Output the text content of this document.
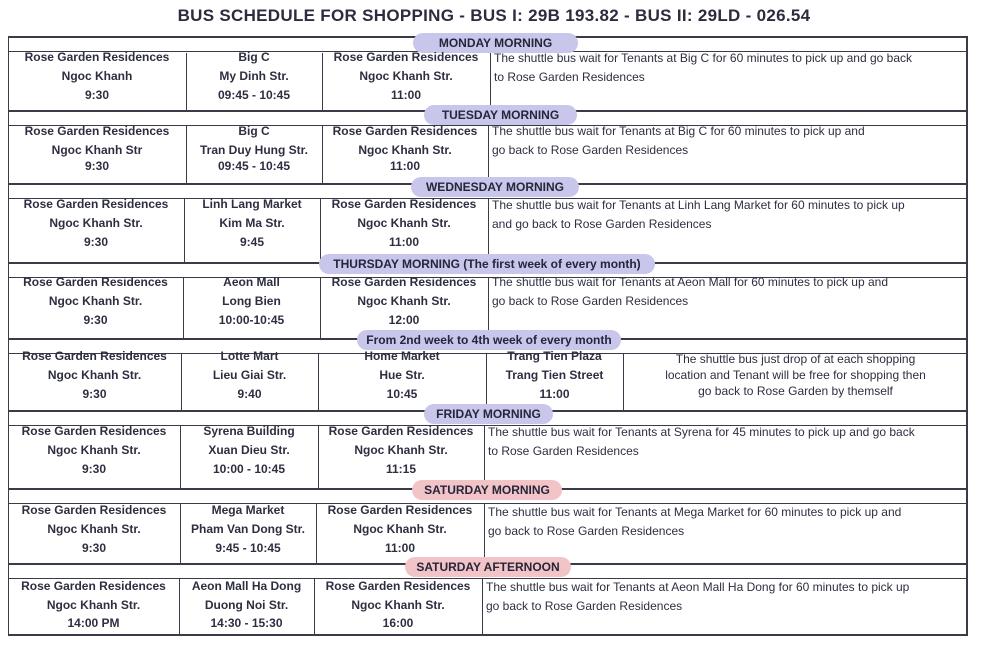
BUS SCHEDULE FOR SHOPPING - BUS I: 29B 193.82 - BUS II: 29LD - 026.54
MONDAY MORNING
Rose Garden Residences
Ngoc Khanh
9:30
Big C
My Dinh Str.
09:45 - 10:45
Rose Garden Residences
Ngoc Khanh Str.
11:00
The shuttle bus wait for Tenants at Big C for 60 minutes to pick up and go back
to Rose Garden Residences
TUESDAY MORNING
Rose Garden Residences
Ngoc Khanh Str
9:30
Big C
Tran Duy Hung Str.
09:45 - 10:45
Rose Garden Residences
Ngoc Khanh Str.
11:00
The shuttle bus wait for Tenants at Big C for 60 minutes to pick up and
go back to Rose Garden Residences
WEDNESDAY MORNING
Rose Garden Residences
Ngoc Khanh Str.
9:30
Linh Lang Market
Kim Ma Str.
9:45
Rose Garden Residences
Ngoc Khanh Str.
11:00
The shuttle bus wait for Tenants at Linh Lang Market for 60 minutes to pick up
and go back to Rose Garden Residences
THURSDAY MORNING (The first week of every month)
Rose Garden Residences
Ngoc Khanh Str.
9:30
Aeon Mall
Long Bien
10:00-10:45
Rose Garden Residences
Ngoc Khanh Str.
12:00
The shuttle bus wait for Tenants at Aeon Mall for 60 minutes to pick up and
go back to Rose Garden Residences
From 2nd week to 4th week of every month
Rose Garden Residences
Ngoc Khanh Str.
9:30
Lotte Mart
Lieu Giai Str.
9:40
Home Market
Hue Str.
10:45
Trang Tien Plaza
Trang Tien Street
11:00
The shuttle bus just drop of at each shopping
location and Tenant will be free for shopping then
go back to Rose Garden by themself
FRIDAY MORNING
Rose Garden Residences
Ngoc Khanh Str.
9:30
Syrena Building
Xuan Dieu Str.
10:00 - 10:45
Rose Garden Residences
Ngoc Khanh Str.
11:15
The shuttle bus wait for Tenants at Syrena for 45 minutes to pick up and go back
to Rose Garden Residences
SATURDAY MORNING
Rose Garden Residences
Ngoc Khanh Str.
9:30
Mega Market
Pham Van Dong Str.
9:45 - 10:45
Rose Garden Residences
Ngoc Khanh Str.
11:00
The shuttle bus wait for Tenants at Mega Market for 60 minutes to pick up and
go back to Rose Garden Residences
SATURDAY AFTERNOON
Rose Garden Residences
Ngoc Khanh Str.
14:00 PM
Aeon Mall Ha Dong
Duong Noi Str.
14:30 - 15:30
Rose Garden Residences
Ngoc Khanh Str.
16:00
The shuttle bus wait for Tenants at Aeon Mall Ha Dong for 60 minutes to pick up
go back to Rose Garden Residences
